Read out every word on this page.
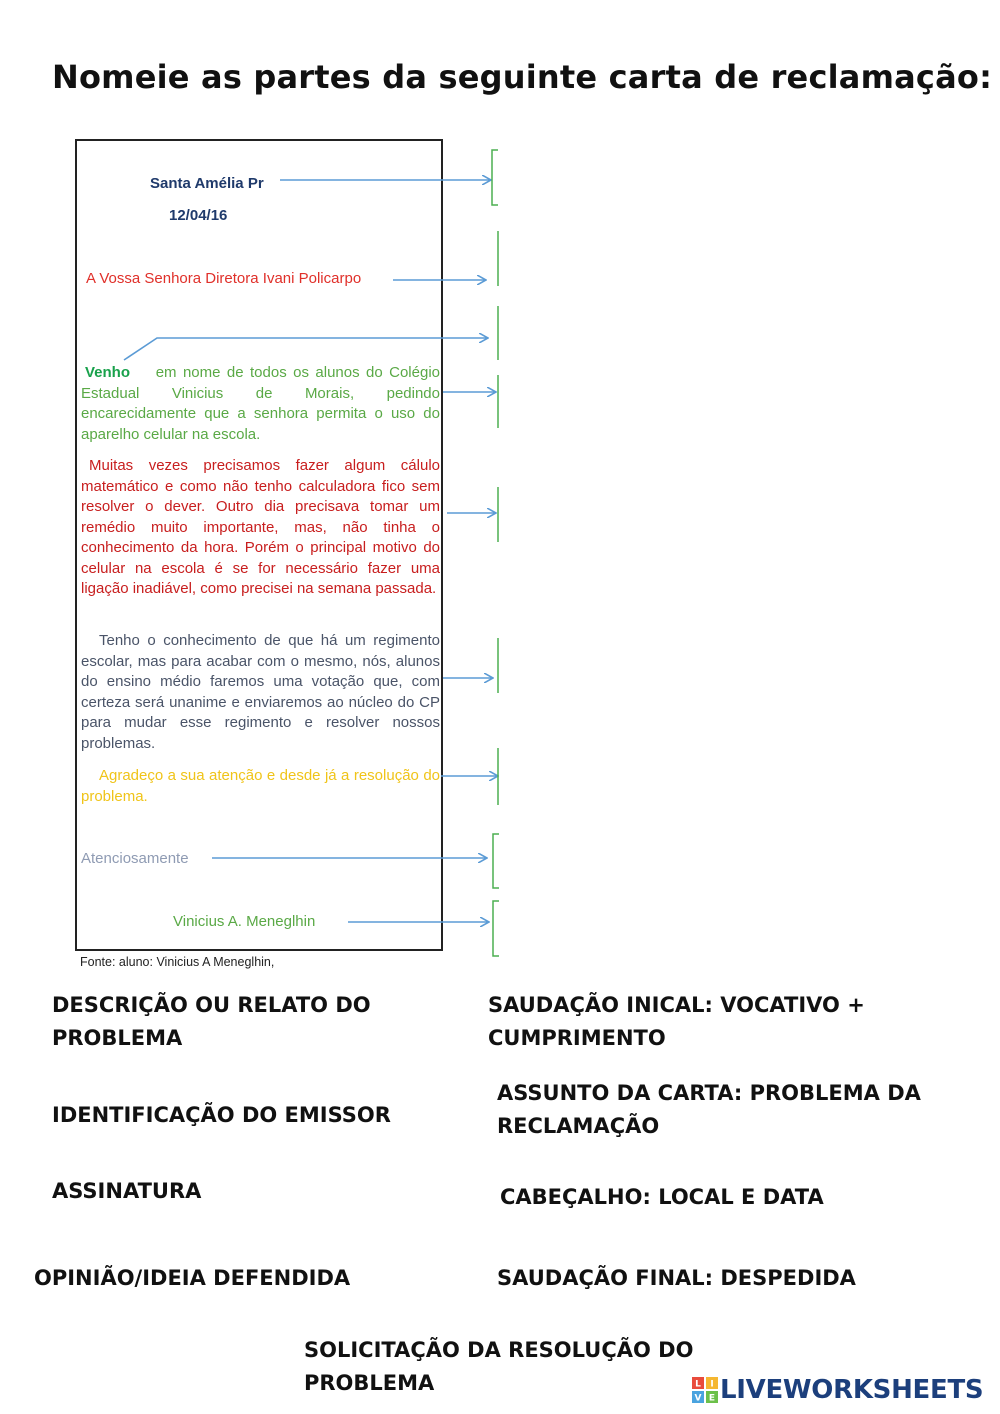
Nomeie as partes da seguinte carta de reclamação:
Santa Amélia Pr
12/04/16
A Vossa Senhora Diretora Ivani Policarpo
Venho em nome de todos os alunos do Colégio Estadual Vinicius de Morais, pedindo encarecidamente que a senhora permita o uso do aparelho celular na escola.
Muitas vezes precisamos fazer algum cálulo matemático e como não tenho calculadora fico sem resolver o dever. Outro dia precisava tomar um remédio muito importante, mas, não tinha o conhecimento da hora. Porém o principal motivo do celular na escola é se for necessário fazer uma ligação inadiável, como precisei na semana passada.
Tenho o conhecimento de que há um regimento escolar, mas para acabar com o mesmo, nós, alunos do ensino médio faremos uma votação que, com certeza será unanime e enviaremos ao núcleo do CP para mudar esse regimento e resolver nossos problemas.
Agradeço a sua atenção e desde já a resolução do problema.
Atenciosamente
Vinicius A. Meneglhin
Fonte: aluno: Vinicius A Meneglhin,
DESCRIÇÃO OU RELATO DO PROBLEMA
SAUDAÇÃO INICAL: VOCATIVO + CUMPRIMENTO
IDENTIFICAÇÃO DO EMISSOR
ASSUNTO DA CARTA: PROBLEMA DA RECLAMAÇÃO
ASSINATURA	CABEÇALHO: LOCAL E DATA
OPINIÃO/IDEIA DEFENDIDA	SAUDAÇÃO FINAL: DESPEDIDA
SOLICITAÇÃO DA RESOLUÇÃO DO PROBLEMA	L I
V E LIVEWORKSHEETS
